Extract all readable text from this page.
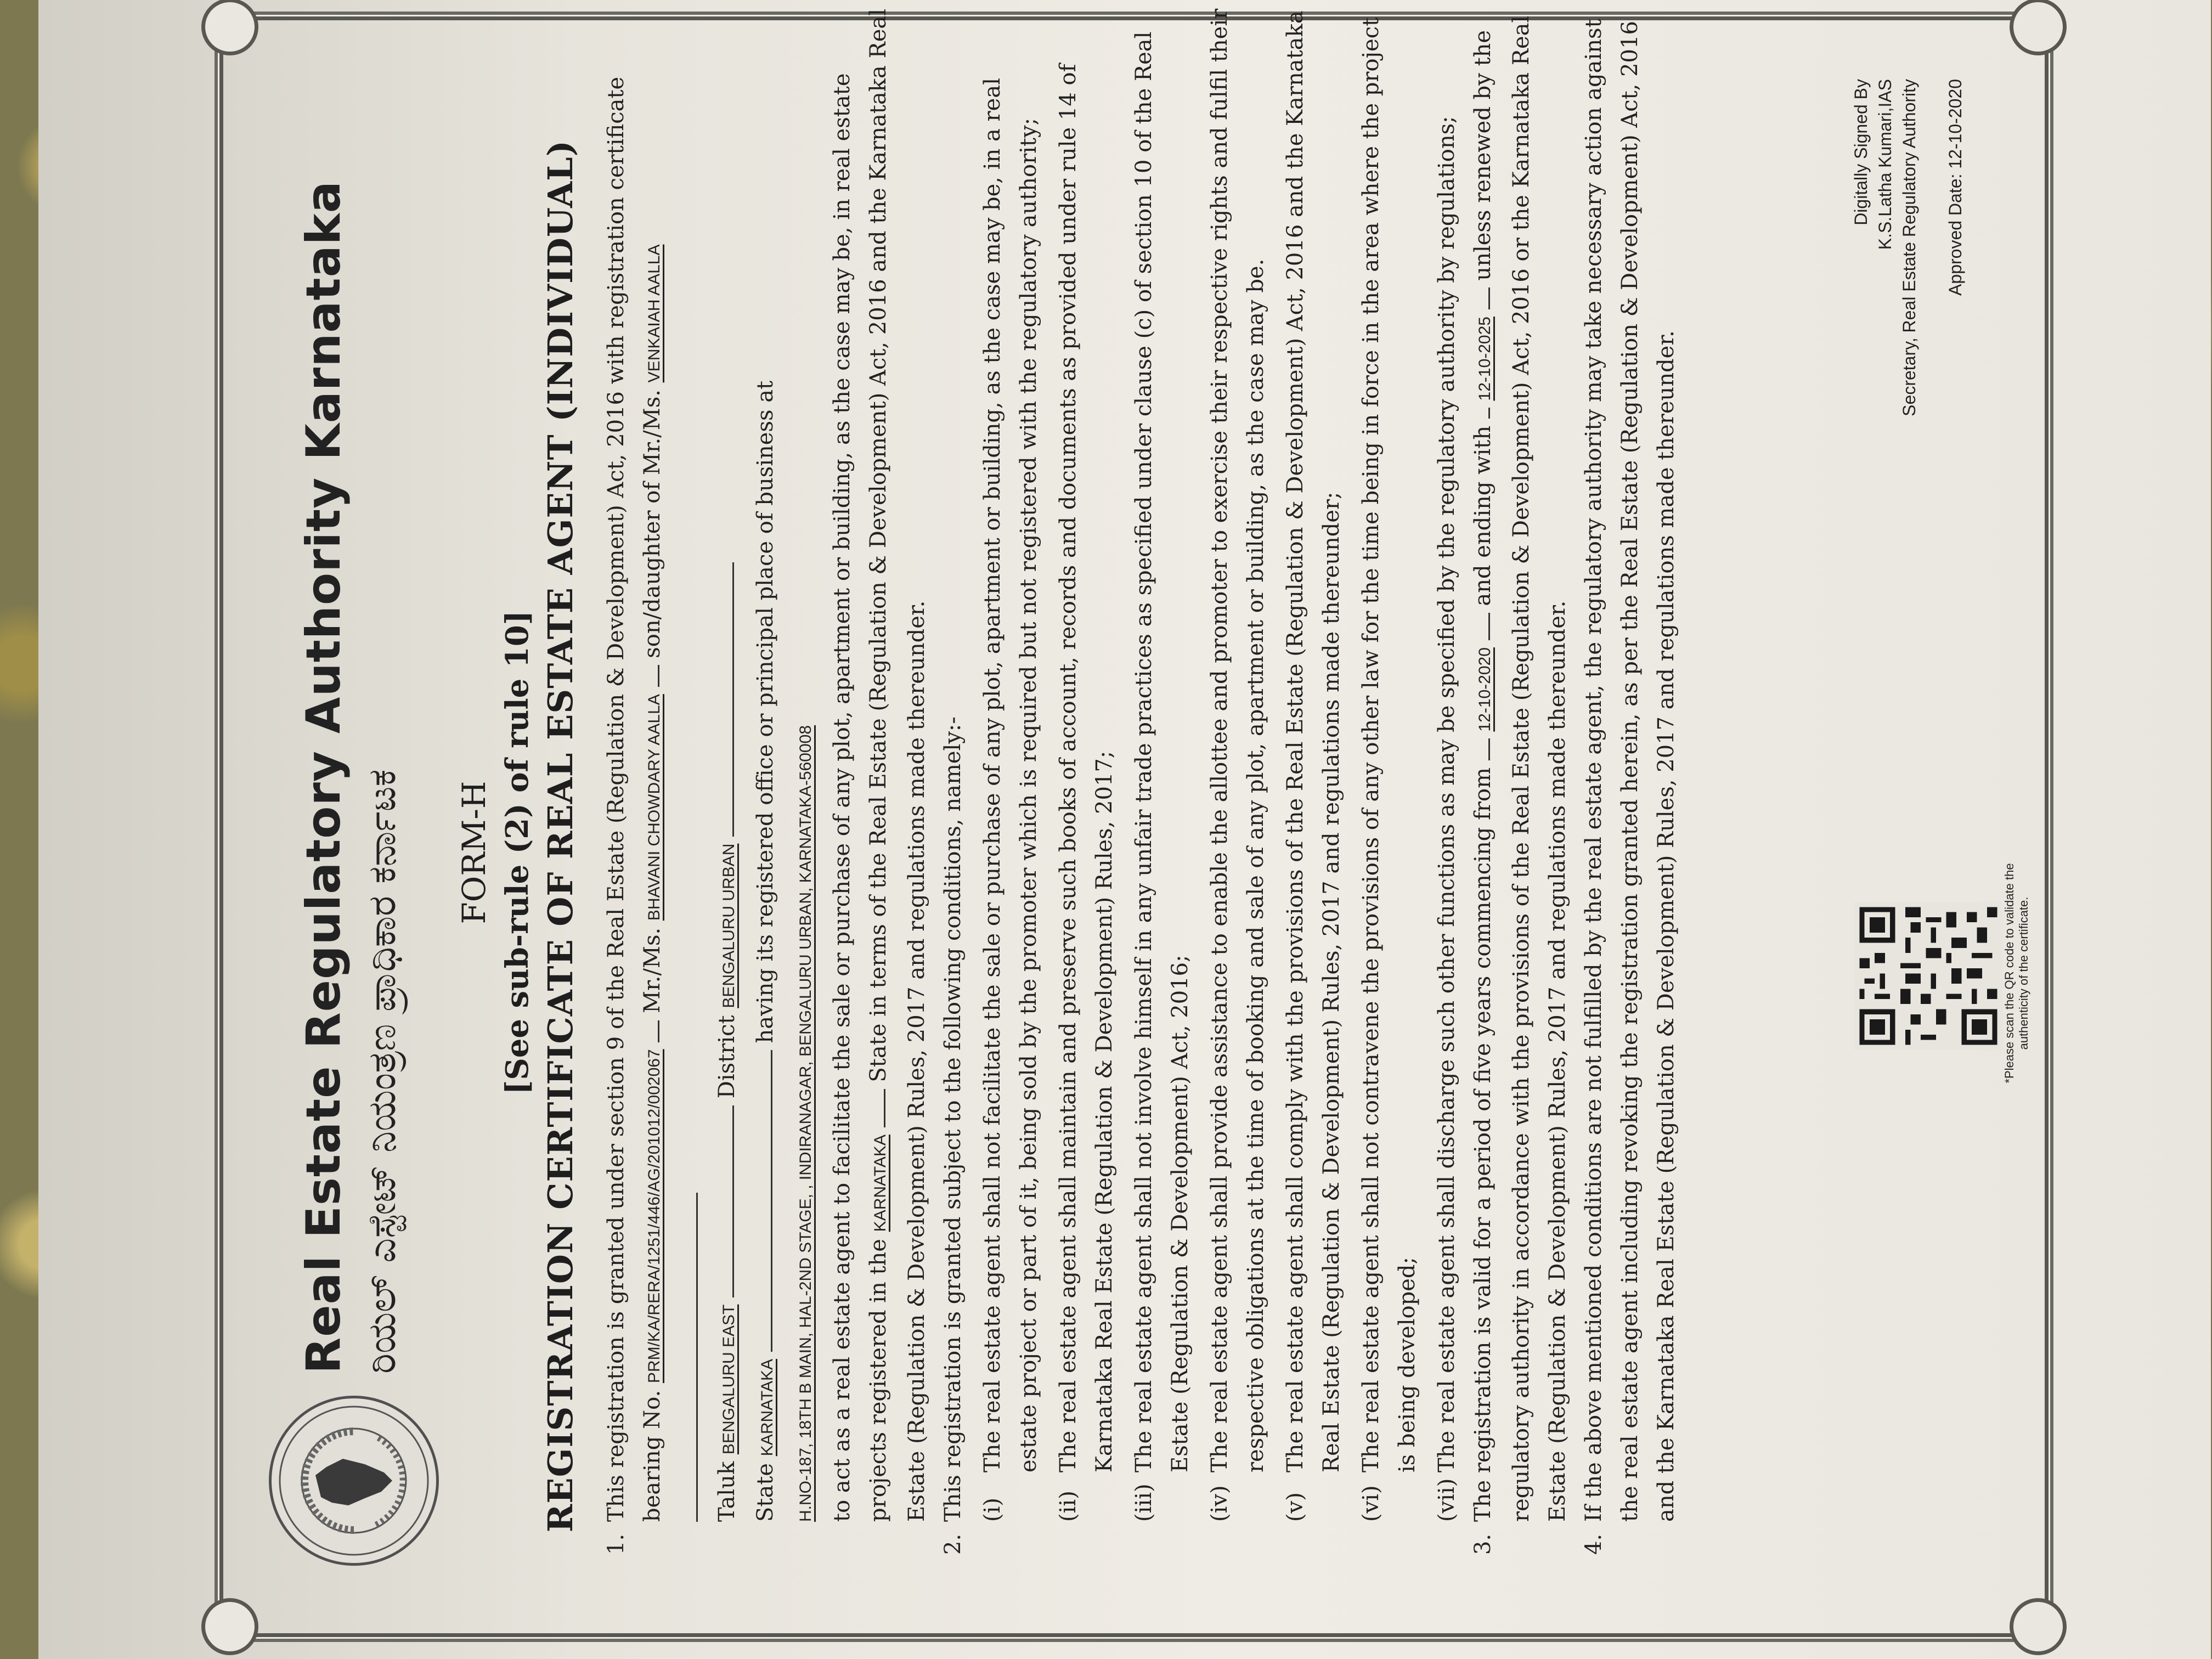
Real Estate Regulatory Authority Karnataka ರಿಯಲ್ ಎಸ್ಟೇಟ್ ನಿಯಂತ್ರಣ ಪ್ರಾಧಿಕಾರ ಕರ್ನಾಟಕ FORM-H [See sub-rule (2) of rule 10] REGISTRATION CERTIFICATE OF REAL ESTATE AGENT (INDIVIDUAL)
1.
This registration is granted under section 9 of the Real Estate (Regulation & Development) Act, 2016 with registration certificate bearing No. PRM/KA/RERA/1251/446/AG/201012/002067  Mr./Ms. BHAVANI CHOWDARY AALLA  son/daughter of Mr./Ms. VENKAIAH AALLA
Taluk BENGALURU EAST  District BENGALURU URBAN
State KARNATAKA  having its registered office or principal place of business at
H.NO-187, 18TH B MAIN, HAL-2ND STAGE, , INDIRANAGAR, BENGALURU URBAN, KARNATAKA-560008 to act as a real estate agent to facilitate the sale or purchase of any plot, apartment or building, as the case may be, in real estate projects registered in the KARNATAKA  State in terms of the Real Estate (Regulation & Development) Act, 2016 and the Karnataka Real Estate (Regulation & Development) Rules, 2017 and regulations made thereunder.
2.
This registration is granted subject to the following conditions, namely:- (i)
The real estate agent shall not facilitate the sale or purchase of any plot, apartment or building, as the case may be, in a real estate project or part of it, being sold by the promoter which is required but not registered with the regulatory authority;
(ii)
The real estate agent shall maintain and preserve such books of account, records and documents as provided under rule 14 of Karnataka Real Estate (Regulation & Development) Rules, 2017;
(iii)
The real estate agent shall not involve himself in any unfair trade practices as specified under clause (c) of section 10 of the Real Estate (Regulation & Development) Act, 2016;
(iv)
The real estate agent shall provide assistance to enable the allottee and promoter to exercise their respective rights and fulfil their respective obligations at the time of booking and sale of any plot, apartment or building, as the case may be.
(v)
The real estate agent shall comply with the provisions of the Real Estate (Regulation & Development) Act, 2016 and the Karnataka Real Estate (Regulation & Development) Rules, 2017 and regulations made thereunder;
(vi)
The real estate agent shall not contravene the provisions of any other law for the time being in force in the area where the project is being developed;
(vii)
The real estate agent shall discharge such other functions as may be specified by the regulatory authority by regulations;
3.
The registration is valid for a period of five years commencing from  12-10-2020  and ending with  12-10-2025  unless renewed by the regulatory authority in accordance with the provisions of the Real Estate (Regulation & Development) Act, 2016 or the Karnataka Real Estate (Regulation & Development) Rules, 2017 and regulations made thereunder.
4.
If the above mentioned conditions are not fulfilled by the real estate agent, the regulatory authority may take necessary action against the real estate agent including revoking the registration granted herein, as per the Real Estate (Regulation & Development) Act, 2016 and the Karnataka Real Estate (Regulation & Development) Rules, 2017 and regulations made thereunder.	*Please scan the QR code to validate the authenticity of the certificate.
Digitally Signed By K.S.Latha Kumari,IAS Secretary, Real Estate Regulatory Authority Approved Date: 12-10-2020
